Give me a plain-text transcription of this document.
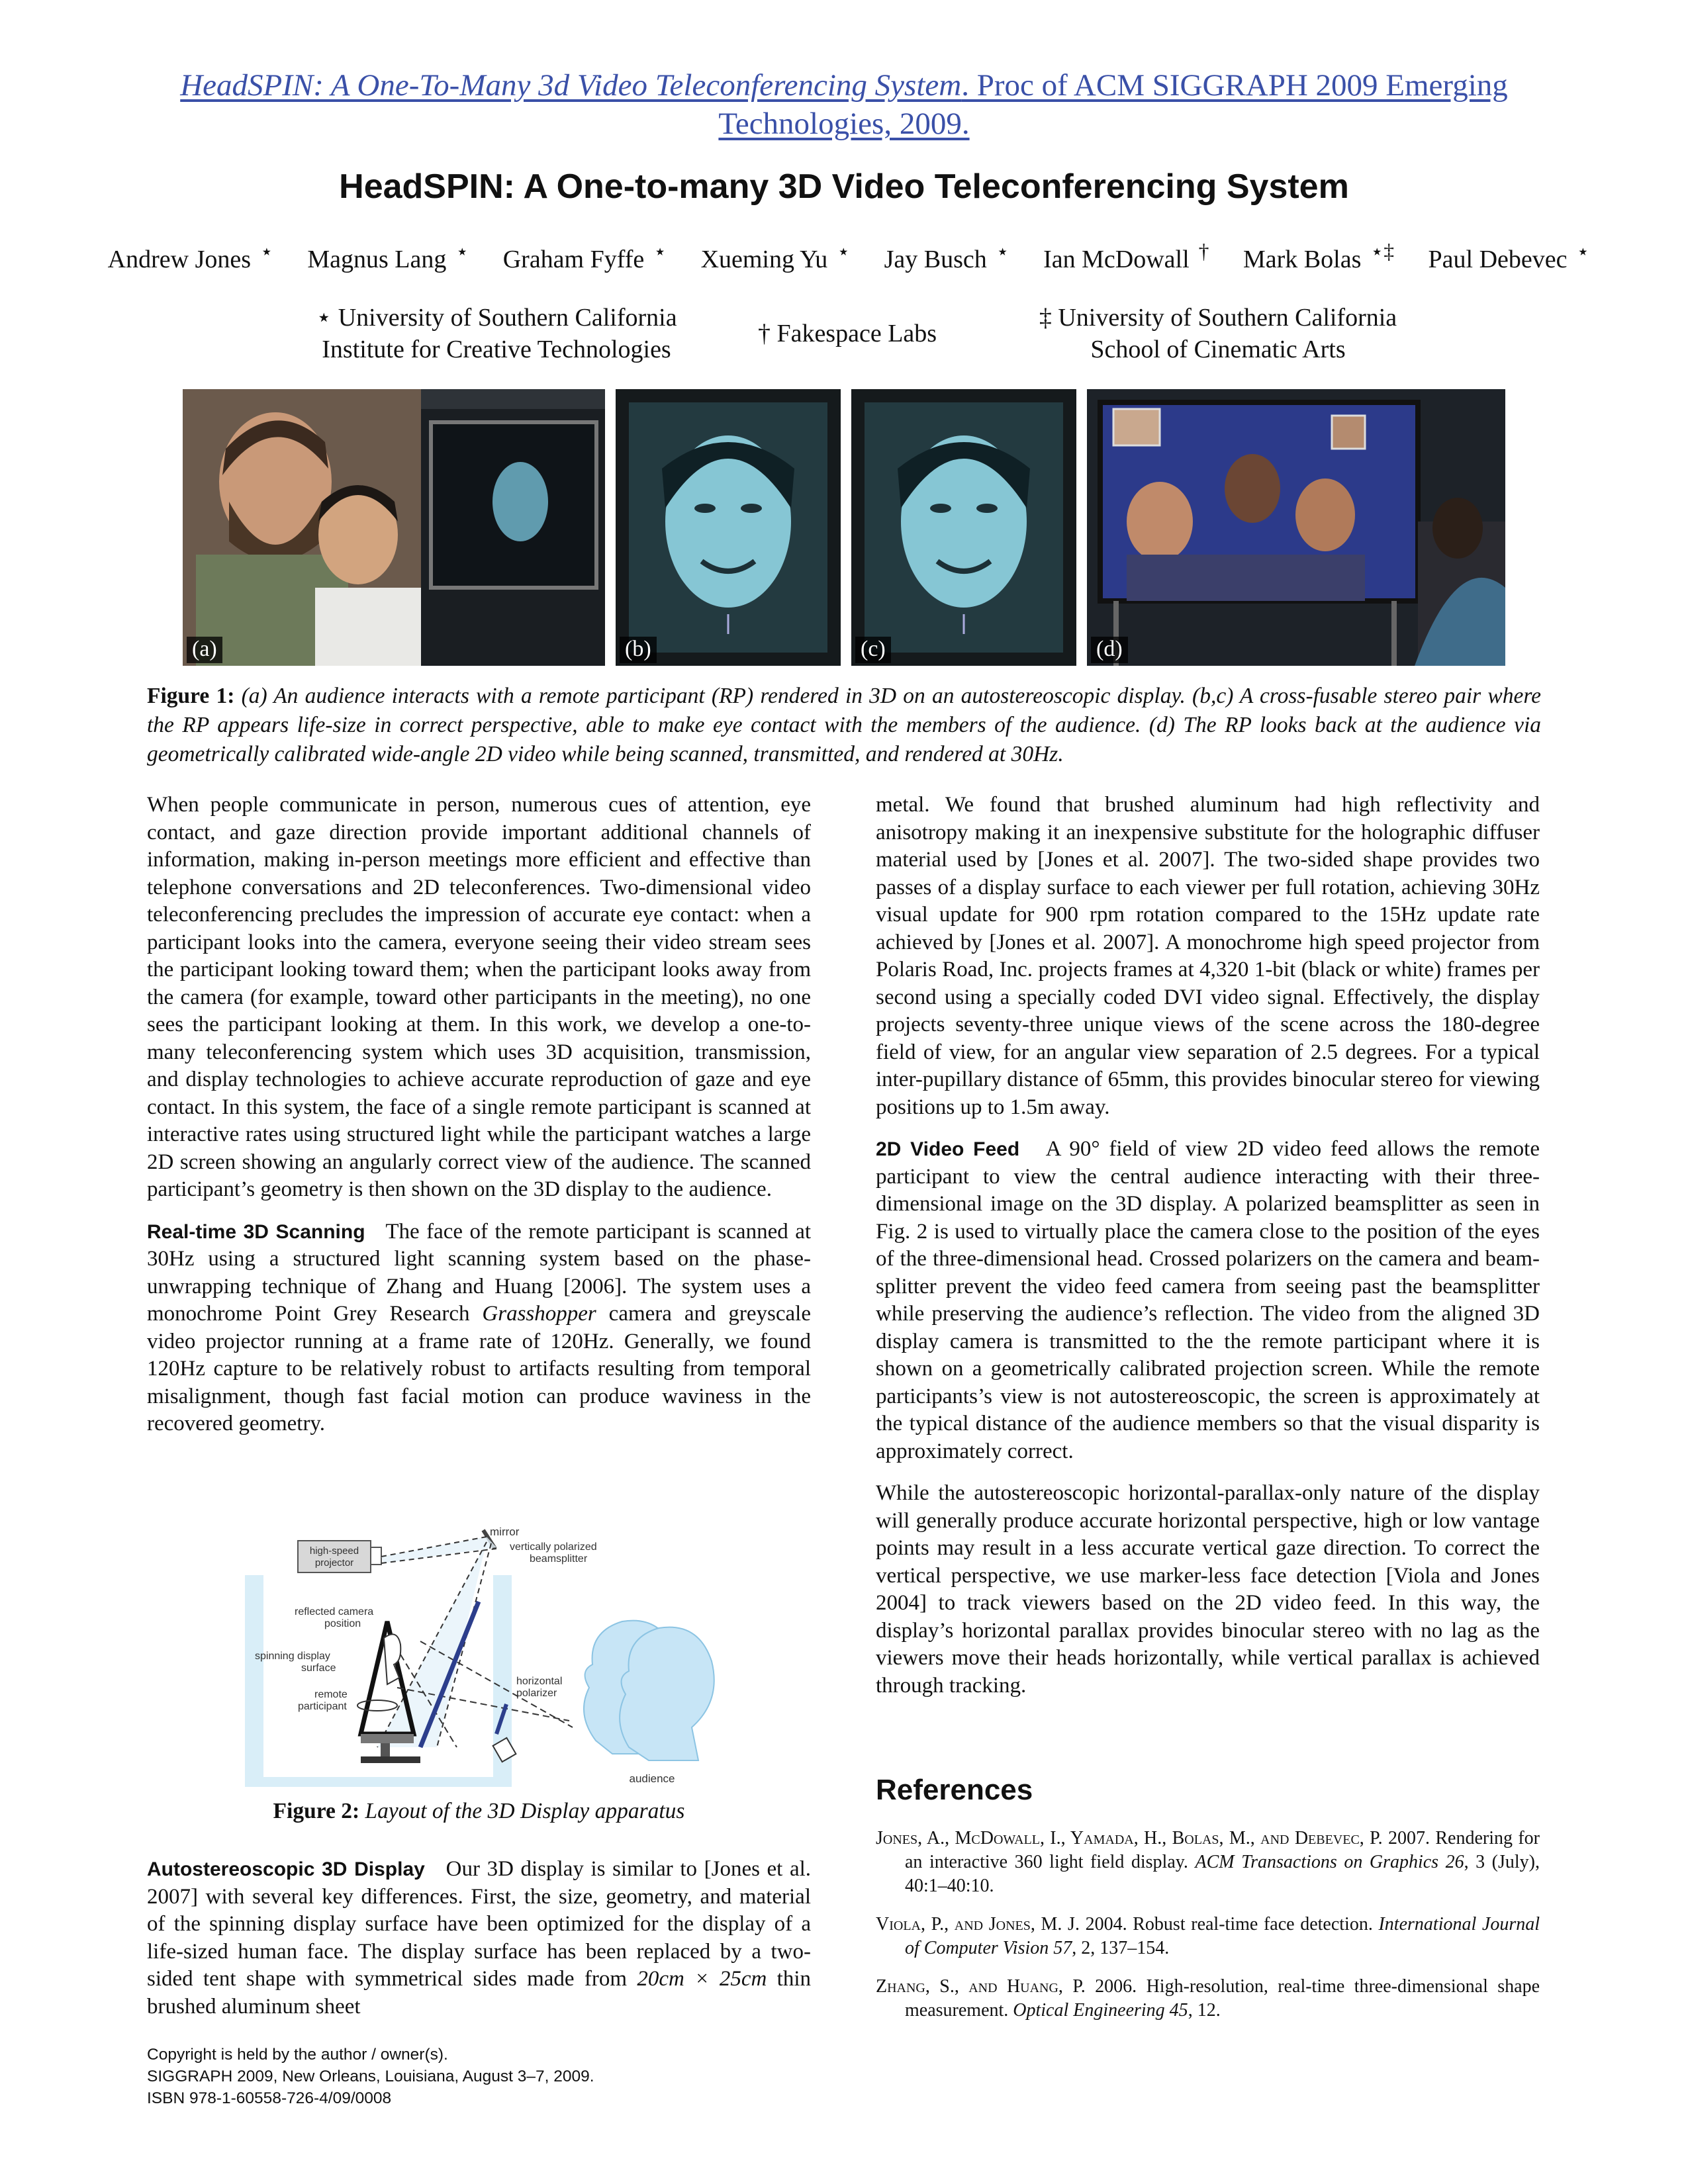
HeadSPIN: A One-To-Many 3d Video Teleconferencing System. Proc of ACM SIGGRAPH 2009 Emerging Technologies, 2009.
HeadSPIN: A One-to-many 3D Video Teleconferencing System
Andrew Jones ⋆ Magnus Lang ⋆ Graham Fyffe ⋆ Xueming Yu ⋆ Jay Busch ⋆ Ian McDowall † Mark Bolas ⋆‡ Paul Debevec ⋆
⋆ University of Southern California
Institute for Creative Technologies
† Fakespace Labs
‡ University of Southern California
School of Cinematic Arts
(a)	(b)	(c)	(d)
Figure 1: (a) An audience interacts with a remote participant (RP) rendered in 3D on an autostereoscopic display. (b,c) A cross-fusable stereo pair where the RP appears life-size in correct perspective, able to make eye contact with the members of the audience. (d) The RP looks back at the audience via geometrically calibrated wide-angle 2D video while being scanned, transmitted, and rendered at 30Hz.

When people communicate in person, numerous cues of attention, eye contact, and gaze direction provide important additional channels of information, making in-person meetings more efficient and effective than telephone conversations and 2D teleconferences. Two-dimensional video teleconferencing precludes the impression of accurate eye contact: when a participant looks into the camera, everyone seeing their video stream sees the participant looking toward them; when the participant looks away from the camera (for example, toward other participants in the meeting), no one sees the participant looking at them. In this work, we develop a one-to-many teleconferencing system which uses 3D acquisition, transmission, and display technologies to achieve accurate reproduction of gaze and eye contact. In this system, the face of a single remote participant is scanned at interactive rates using structured light while the participant watches a large 2D screen showing an angularly correct view of the audience. The scanned participant’s geometry is then shown on the 3D display to the audience.

Real-time 3D Scanning The face of the remote participant is scanned at 30Hz using a structured light scanning system based on the phase-unwrapping technique of Zhang and Huang [2006]. The system uses a monochrome Point Grey Research Grasshopper camera and greyscale video projector running at a frame rate of 120Hz. Generally, we found 120Hz capture to be relatively robust to artifacts resulting from temporal misalignment, though fast facial motion can produce waviness in the recovered geometry.

high-speed
projector
mirror
vertically polarized
beamsplitter
reflected camera
position
spinning display
surface
remote
participant
horizontal
polarizer
audience
Figure 2: Layout of the 3D Display apparatus

Autostereoscopic 3D Display Our 3D display is similar to [Jones et al. 2007] with several key differences. First, the size, geometry, and material of the spinning display surface have been optimized for the display of a life-sized human face. The display surface has been replaced by a two-sided tent shape with symmetrical sides made from 20cm × 25cm thin brushed aluminum sheet

metal. We found that brushed aluminum had high reflectivity and anisotropy making it an inexpensive substitute for the holographic diffuser material used by [Jones et al. 2007]. The two-sided shape provides two passes of a display surface to each viewer per full rotation, achieving 30Hz visual update for 900 rpm rotation compared to the 15Hz update rate achieved by [Jones et al. 2007]. A monochrome high speed projector from Polaris Road, Inc. projects frames at 4,320 1-bit (black or white) frames per second using a specially coded DVI video signal. Effectively, the display projects seventy-three unique views of the scene across the 180-degree field of view, for an angular view separation of 2.5 degrees. For a typical inter-pupillary distance of 65mm, this provides binocular stereo for viewing positions up to 1.5m away.

2D Video Feed A 90° field of view 2D video feed allows the remote participant to view the central audience interacting with their three-dimensional image on the 3D display. A polarized beamsplitter as seen in Fig. 2 is used to virtually place the camera close to the position of the eyes of the three-dimensional head. Crossed polarizers on the camera and beam-splitter prevent the video feed camera from seeing past the beamsplitter while preserving the audience’s reflection. The video from the aligned 3D display camera is transmitted to the the remote participant where it is shown on a geometrically calibrated projection screen. While the remote participants’s view is not autostereoscopic, the screen is approximately at the typical distance of the audience members so that the visual disparity is approximately correct.

While the autostereoscopic horizontal-parallax-only nature of the display will generally produce accurate horizontal perspective, high or low vantage points may result in a less accurate vertical gaze direction. To correct the vertical perspective, we use marker-less face detection [Viola and Jones 2004] to track viewers based on the 2D video feed. In this way, the display’s horizontal parallax provides binocular stereo with no lag as the viewers move their heads horizontally, while vertical parallax is achieved through tracking.

References

Jones, A., McDowall, I., Yamada, H., Bolas, M., and Debevec, P. 2007. Rendering for an interactive 360 light field display. ACM Transactions on Graphics 26, 3 (July), 40:1–40:10.

Viola, P., and Jones, M. J. 2004. Robust real-time face detection. International Journal of Computer Vision 57, 2, 137–154.

Zhang, S., and Huang, P. 2006. High-resolution, real-time three-dimensional shape measurement. Optical Engineering 45, 12.

Copyright is held by the author / owner(s).
SIGGRAPH 2009, New Orleans, Louisiana, August 3–7, 2009.
ISBN 978-1-60558-726-4/09/0008
